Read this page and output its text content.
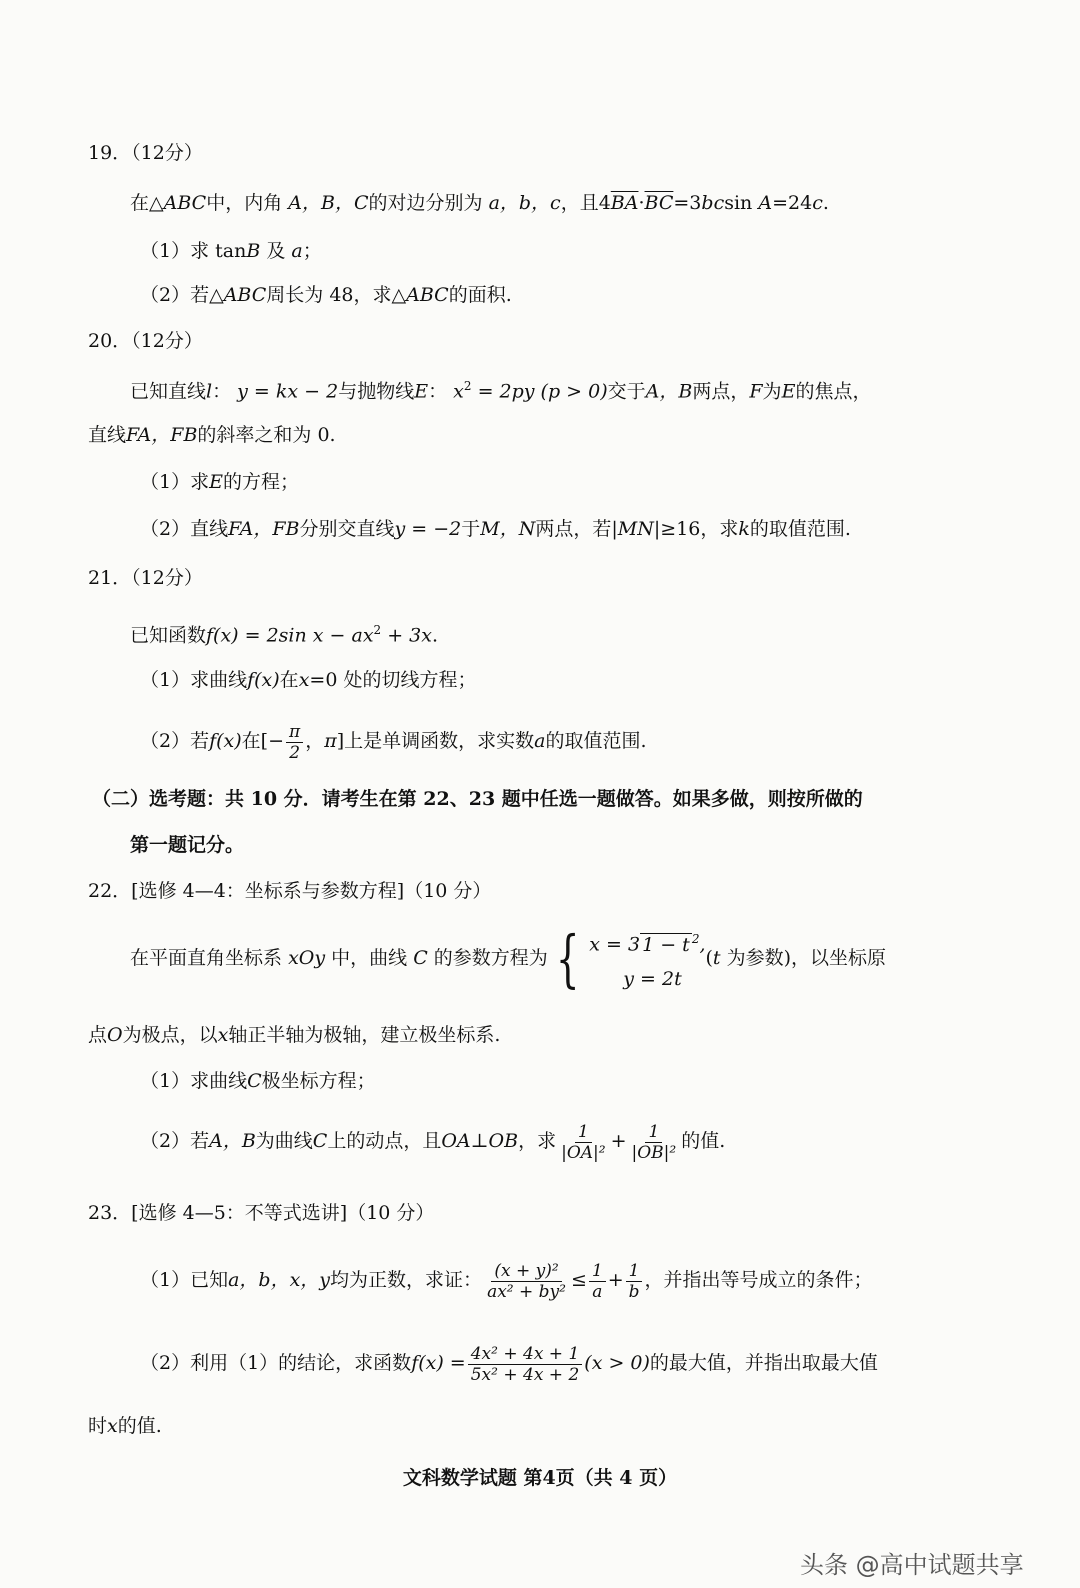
19．（12分）
在△ABC中，内角 A，B，C的对边分别为 a，b，c，且$4\overline{BA}\cdot\overline{BC}=3bcsin$ A=24c.
（1）求 tanB 及 a；
（2）若△ABC周长为 48，求△ABC的面积.
20．（12分）
已知直线l： y = kx − 2与抛物线E： $x^2 = 2py$ (p > 0)交于A，B两点，F为E的焦点，
直线FA，FB的斜率之和为 0.
（1）求E的方程；
（2）直线FA，FB分别交直线y = −2于M，N两点，若|MN|≥16，求k的取值范围.
21．（12分）
已知函数f(x) = 2sin $x - ax^2 + 3x$.
（1）求曲线f(x)在x=0 处的切线方程；
（2）若f(x)在[− $\frac{\pi}{2}$ ，π]上是单调函数，求实数a的取值范围.
（二）选考题：共 10 分．请考生在第 22、23 题中任选一题做答。如果多做，则按所做的
第一题记分。
22．[选修 4—4：坐标系与参数方程]（10 分）
在平面直角坐标系 xOy 中，曲线 C 的参数方程为 { x = 3 1 − t $^2$,
y = 2t
(t 为参数)，以坐标原
点O为极点，以x轴正半轴为极轴，建立极坐标系.
（1）求曲线C极坐标方程；
（2）若A，B为曲线C上的动点，且OA⊥OB，求 $\frac{1}{\text{|OA|²}} + \frac{1}{\text{|OB|²}}$ 的值.
23．[选修 4—5：不等式选讲]（10 分）
（1）已知a，b，x，y均为正数，求证： $\frac{\text{(x + y)²}}{\text{ax² + by²}} \le \frac{1}{a} + \frac{1}{b}$ ，并指出等号成立的条件；
（2）利用（1）的结论，求函数$f(x) = \frac{\text{4x² + 4x + 1}}{\text{5x² + 4x + 2}} (x > 0)$的最大值，并指出取最大值
时x的值.
文科数学试题 第4页（共 4 页）
头条 @高中试题共享
